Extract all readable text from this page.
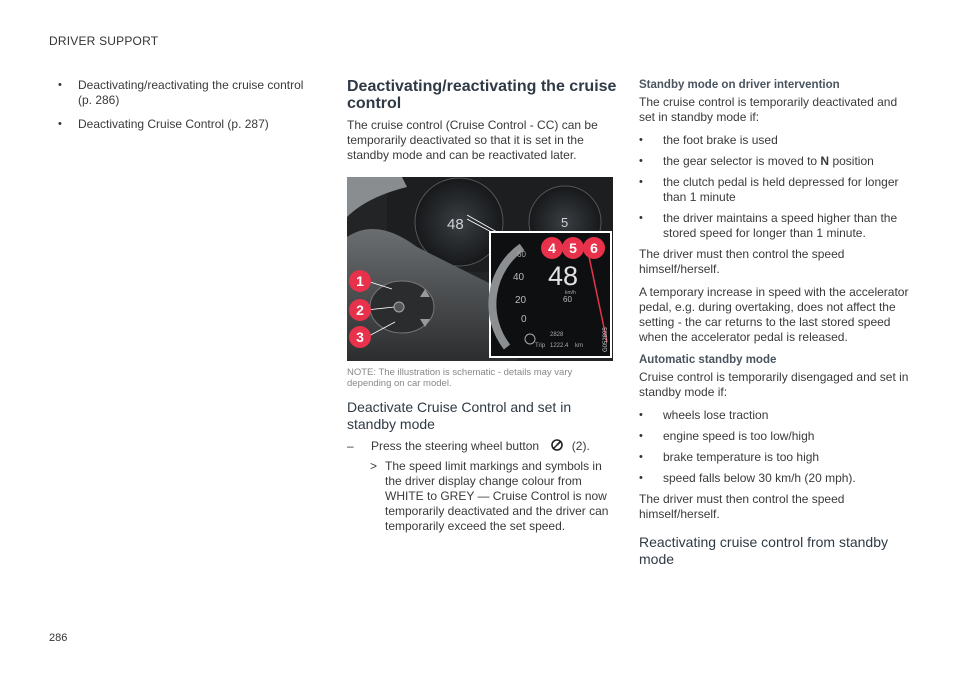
DRIVER SUPPORT
• Deactivating/reactivating the cruise control (p. 286)
• Deactivating Cruise Control (p. 287)
Deactivating/reactivating the cruise control

The cruise control (Cruise Control - CC) can be temporarily deactivated so that it is set in the standby mode and can be reactivated later.

48	5
1
2
3
60
40
20
0
48
km/h
60
4 5 6
2828
Trip 1222.4 km	G052895
NOTE: The illustration is schematic - details may vary depending on car model.
Deactivate Cruise Control and set in standby mode
– Press the steering wheel button	(2).
> The speed limit markings and symbols in the driver display change colour from WHITE to GREY — Cruise Control is now temporarily deactivated and the driver can temporarily exceed the set speed.
Standby mode on driver intervention

The cruise control is temporarily deactivated and set in standby mode if:

• the foot brake is used
• the gear selector is moved to N position
• the clutch pedal is held depressed for longer than 1 minute
• the driver maintains a speed higher than the stored speed for longer than 1 minute.

The driver must then control the speed himself/herself.

A temporary increase in speed with the accelerator pedal, e.g. during overtaking, does not affect the setting - the car returns to the last stored speed when the accelerator pedal is released.

Automatic standby mode

Cruise control is temporarily disengaged and set in standby mode if:

• wheels lose traction
• engine speed is too low/high
• brake temperature is too high
• speed falls below 30 km/h (20 mph).

The driver must then control the speed himself/herself.

Reactivating cruise control from standby mode
286
